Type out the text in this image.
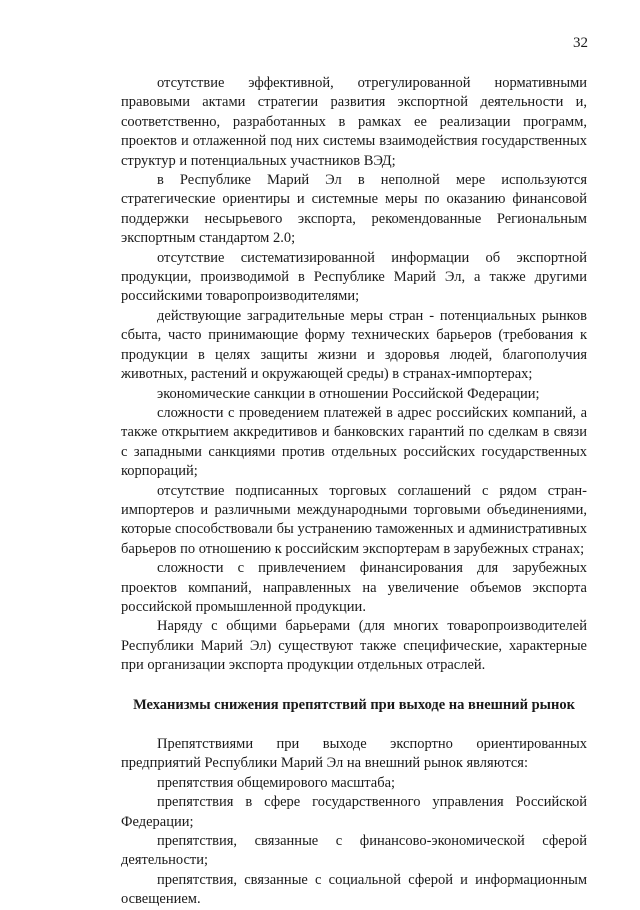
32

отсутствие эффективной, отрегулированной нормативными правовыми актами стратегии развития экспортной деятельности и, соответственно, разработанных в рамках ее реализации программ, проектов и отлаженной под них системы взаимодействия государственных структур и потенциальных участников ВЭД;

в Республике Марий Эл в неполной мере используются стратегические ориентиры и системные меры по оказанию финансовой поддержки несырьевого экспорта, рекомендованные Региональным экспортным стандартом 2.0;

отсутствие систематизированной информации об экспортной продукции, производимой в Республике Марий Эл, а также другими российскими товаропроизводителями;

действующие заградительные меры стран - потенциальных рынков сбыта, часто принимающие форму технических барьеров (требования к продукции в целях защиты жизни и здоровья людей, благополучия животных, растений и окружающей среды) в странах-импортерах;

экономические санкции в отношении Российской Федерации;

сложности с проведением платежей в адрес российских компаний, а также открытием аккредитивов и банковских гарантий по сделкам в связи с западными санкциями против отдельных российских государственных корпораций;

отсутствие подписанных торговых соглашений с рядом стран-импортеров и различными международными торговыми объединениями, которые способствовали бы устранению таможенных и административных барьеров по отношению к российским экспортерам в зарубежных странах;

сложности с привлечением финансирования для зарубежных проектов компаний, направленных на увеличение объемов экспорта российской промышленной продукции.

Наряду с общими барьерами (для многих товаропроизводителей Республики Марий Эл) существуют также специфические, характерные при организации экспорта продукции отдельных отраслей.

Механизмы снижения препятствий при выходе на внешний рынок

Препятствиями при выходе экспортно ориентированных предприятий Республики Марий Эл на внешний рынок являются:

препятствия общемирового масштаба;

препятствия в сфере государственного управления Российской Федерации;

препятствия, связанные с финансово-экономической сферой деятельности;

препятствия, связанные с социальной сферой и информационным освещением.
